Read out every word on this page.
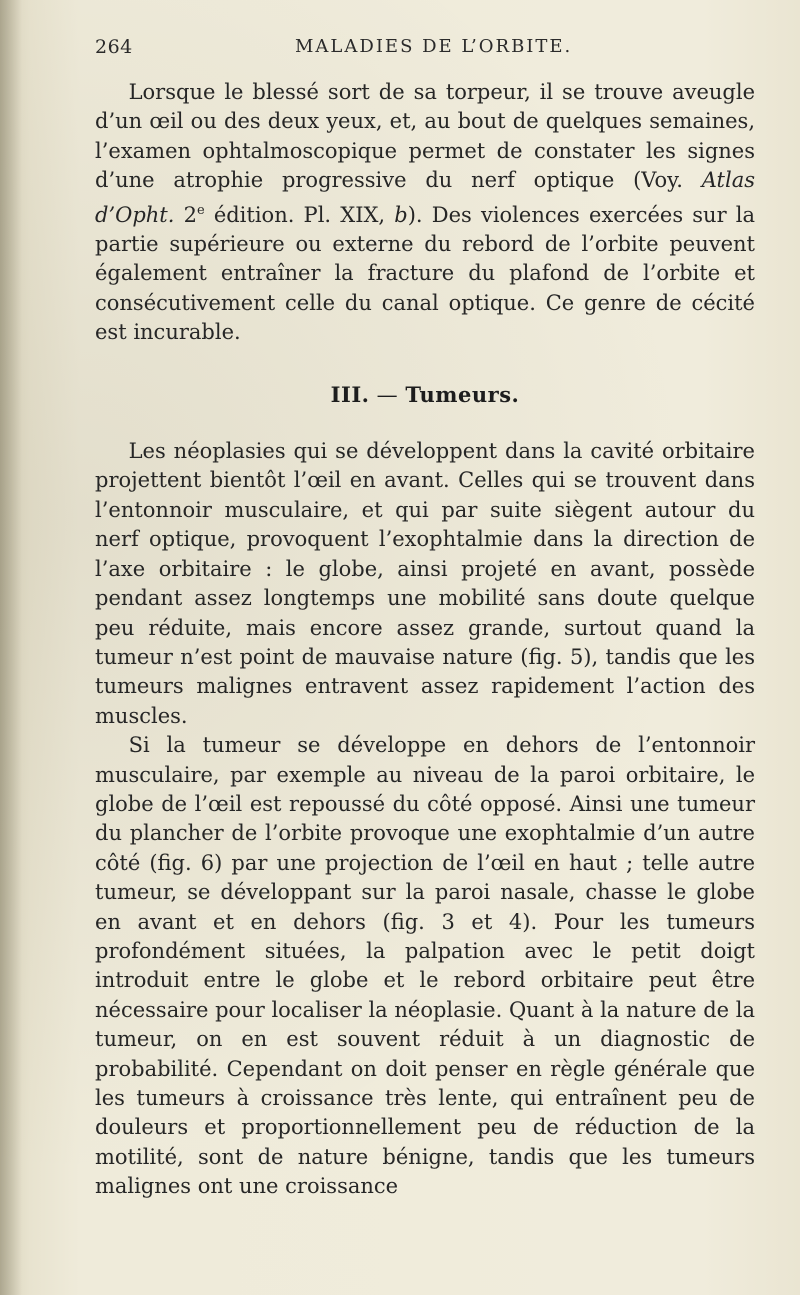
264	MALADIES DE L’ORBITE.

Lorsque le blessé sort de sa torpeur, il se trouve aveugle d’un œil ou des deux yeux, et, au bout de quelques semaines, l’examen ophtalmoscopique permet de constater les signes d’une atrophie progressive du nerf optique (Voy. Atlas d’Opht. 2e édition. Pl. XIX, b). Des violences exercées sur la partie supérieure ou externe du rebord de l’orbite peuvent également entraîner la fracture du plafond de l’orbite et consécutivement celle du canal optique. Ce genre de cécité est incurable.

III. — Tumeurs.

Les néoplasies qui se développent dans la cavité orbitaire projettent bientôt l’œil en avant. Celles qui se trouvent dans l’entonnoir musculaire, et qui par suite siègent autour du nerf optique, provoquent l’exophtalmie dans la direction de l’axe orbitaire : le globe, ainsi projeté en avant, possède pendant assez longtemps une mobilité sans doute quelque peu réduite, mais encore assez grande, surtout quand la tumeur n’est point de mauvaise nature (fig. 5), tandis que les tumeurs malignes entravent assez rapidement l’action des muscles.

Si la tumeur se développe en dehors de l’entonnoir musculaire, par exemple au niveau de la paroi orbitaire, le globe de l’œil est repoussé du côté opposé. Ainsi une tumeur du plancher de l’orbite provoque une exophtalmie d’un autre côté (fig. 6) par une projection de l’œil en haut ; telle autre tumeur, se développant sur la paroi nasale, chasse le globe en avant et en dehors (fig. 3 et 4). Pour les tumeurs profondément situées, la palpation avec le petit doigt introduit entre le globe et le rebord orbitaire peut être nécessaire pour localiser la néoplasie. Quant à la nature de la tumeur, on en est souvent réduit à un diagnostic de probabilité. Cependant on doit penser en règle générale que les tumeurs à croissance très lente, qui entraînent peu de douleurs et proportionnellement peu de réduction de la motilité, sont de nature bénigne, tandis que les tumeurs malignes ont une croissance
